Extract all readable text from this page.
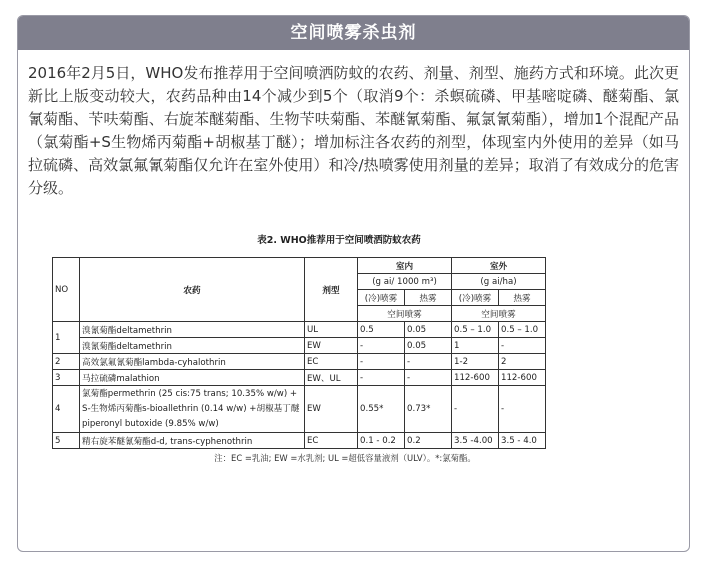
空间喷雾杀虫剂
2016年2月5日，WHO发布推荐用于空间喷洒防蚊的农药、剂量、剂型、施药方式和环境。此次更新比上版变动较大，农药品种由14个减少到5个（取消9个：杀螟硫磷、甲基嘧啶磷、醚菊酯、氯氰菊酯、苄呋菊酯、右旋苯醚菊酯、生物苄呋菊酯、苯醚氰菊酯、氟氯氰菊酯），增加1个混配产品（氯菊酯+S生物烯丙菊酯+胡椒基丁醚）；增加标注各农药的剂型，体现室内外使用的差异（如马拉硫磷、高效氯氟氰菊酯仅允许在室外使用）和冷/热喷雾使用剂量的差异；取消了有效成分的危害分级。
表2. WHO推荐用于空间喷洒防蚊农药
NO	农药	剂型	室内		室外	
			(g ai/ 1000 m³)		(g ai/ha)	
			(冷)喷雾	热雾	(冷)喷雾	热雾
			空间喷雾		空间喷雾	
1	溴氰菊酯deltamethrin	UL	0.5	0.05	0.5 – 1.0	0.5 – 1.0
	溴氰菊酯deltamethrin	EW	-	0.05	1	-
2	高效氯氟氰菊酯lambda-cyhalothrin	EC	-	-	1-2	2
3	马拉硫磷malathion	EW、UL	-	-	112-600	112-600
4	氯菊酯permethrin (25 cis:75 trans; 10.35% w/w) + S-生物烯丙菊酯s-bioallethrin (0.14 w/w) +胡椒基丁醚piperonyl butoxide (9.85% w/w)	EW	0.55*	0.73*	-	-
5	精右旋苯醚氰菊酯d-d, trans-cyphenothrin	EC	0.1 - 0.2	0.2	3.5 -4.00	3.5 - 4.0
注：EC =乳油; EW =水乳剂; UL =超低容量液剂（ULV）。*:氯菊酯。
